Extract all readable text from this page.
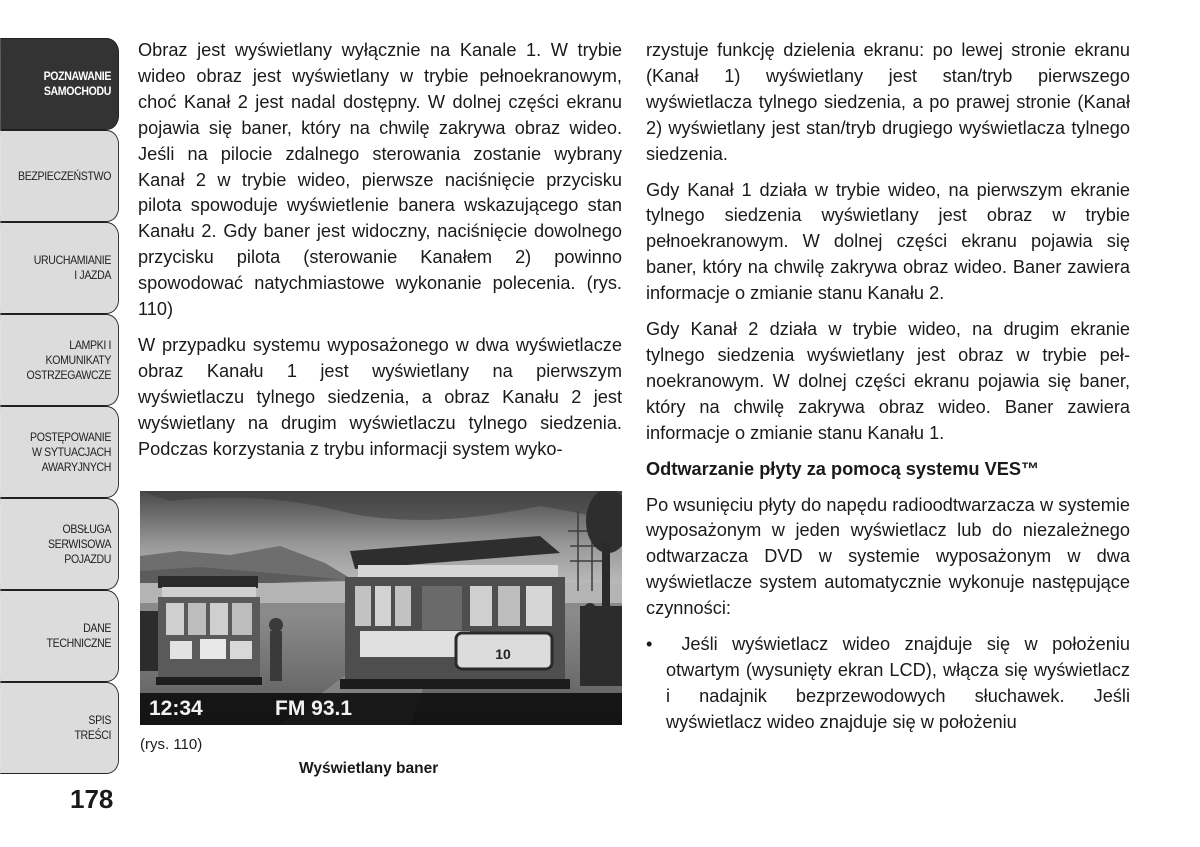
POZNAWANIE
SAMOCHODU
BEZPIECZEŃSTWO
URUCHAMIANIE
I JAZDA
LAMPKI I
KOMUNIKATY
OSTRZEGAWCZE
POSTĘPOWANIE
W SYTUACJACH
AWARYJNYCH
OBSŁUGA
SERWISOWA
POJAZDU
DANE
TECHNICZNE
SPIS
TREŚCI
178

Obraz jest wyświetlany wyłącznie na Kanale 1. W trybie wideo obraz jest wyświetlany w trybie pełnoekranowym, choć Kanał 2 jest nadal dostępny. W dolnej części ekranu pojawia się baner, który na chwilę zakrywa obraz wideo. Jeśli na pilocie zdalnego sterowania zostanie wybrany Kanał 2 w trybie wideo, pierwsze naciśnięcie przycisku pilota spowoduje wyświetlenie banera wskazującego stan Kanału 2. Gdy baner jest widoczny, naciśnięcie dowolnego przycisku pilota (sterowanie Kanałem 2) powinno spowodować natychmiastowe wykonanie polecenia. (rys. 110)

W przypadku systemu wyposażonego w dwa wyświetlacze obraz Kanału 1 jest wyświetlany na pierwszym wyświetlaczu tylnego siedzenia, a obraz Kanału 2 jest wyświetlany na drugim wyświetlaczu tylnego siedzenia. Podczas korzystania z trybu informacji system wyko-

10
12:34	FM 93.1
(rys. 110)
Wyświetlany baner

rzystuje funkcję dzielenia ekranu: po lewej stronie ekranu (Kanał 1) wyświetlany jest stan/tryb pierwszego wyświetlacza tylnego siedzenia, a po prawej stronie (Kanał 2) wyświetlany jest stan/tryb drugiego wyświetlacza tylnego siedzenia.

Gdy Kanał 1 działa w trybie wideo, na pierwszym ekranie tylnego siedzenia wyświetlany jest obraz w trybie pełnoekranowym. W dolnej części ekranu pojawia się baner, który na chwilę zakrywa obraz wideo. Baner zawiera informacje o zmianie stanu Kanału 2.

Gdy Kanał 2 działa w trybie wideo, na drugim ekranie tylnego siedzenia wyświetlany jest obraz w trybie pełnoekranowym. W dolnej części ekranu pojawia się baner, który na chwilę zakrywa obraz wideo. Baner zawiera informacje o zmianie stanu Kanału 1.

Odtwarzanie płyty za pomocą systemu VES™

Po wsunięciu płyty do napędu radioodtwarzacza w systemie wyposażonym w jeden wyświetlacz lub do niezależnego odtwarzacza DVD w systemie wyposażonym w dwa wyświetlacze system automatycznie wykonuje następujące czynności:

• Jeśli wyświetlacz wideo znajduje się w położeniu otwartym (wysunięty ekran LCD), włącza się wyświetlacz i nadajnik bezprzewodowych słuchawek. Jeśli wyświetlacz wideo znajduje się w położeniu
